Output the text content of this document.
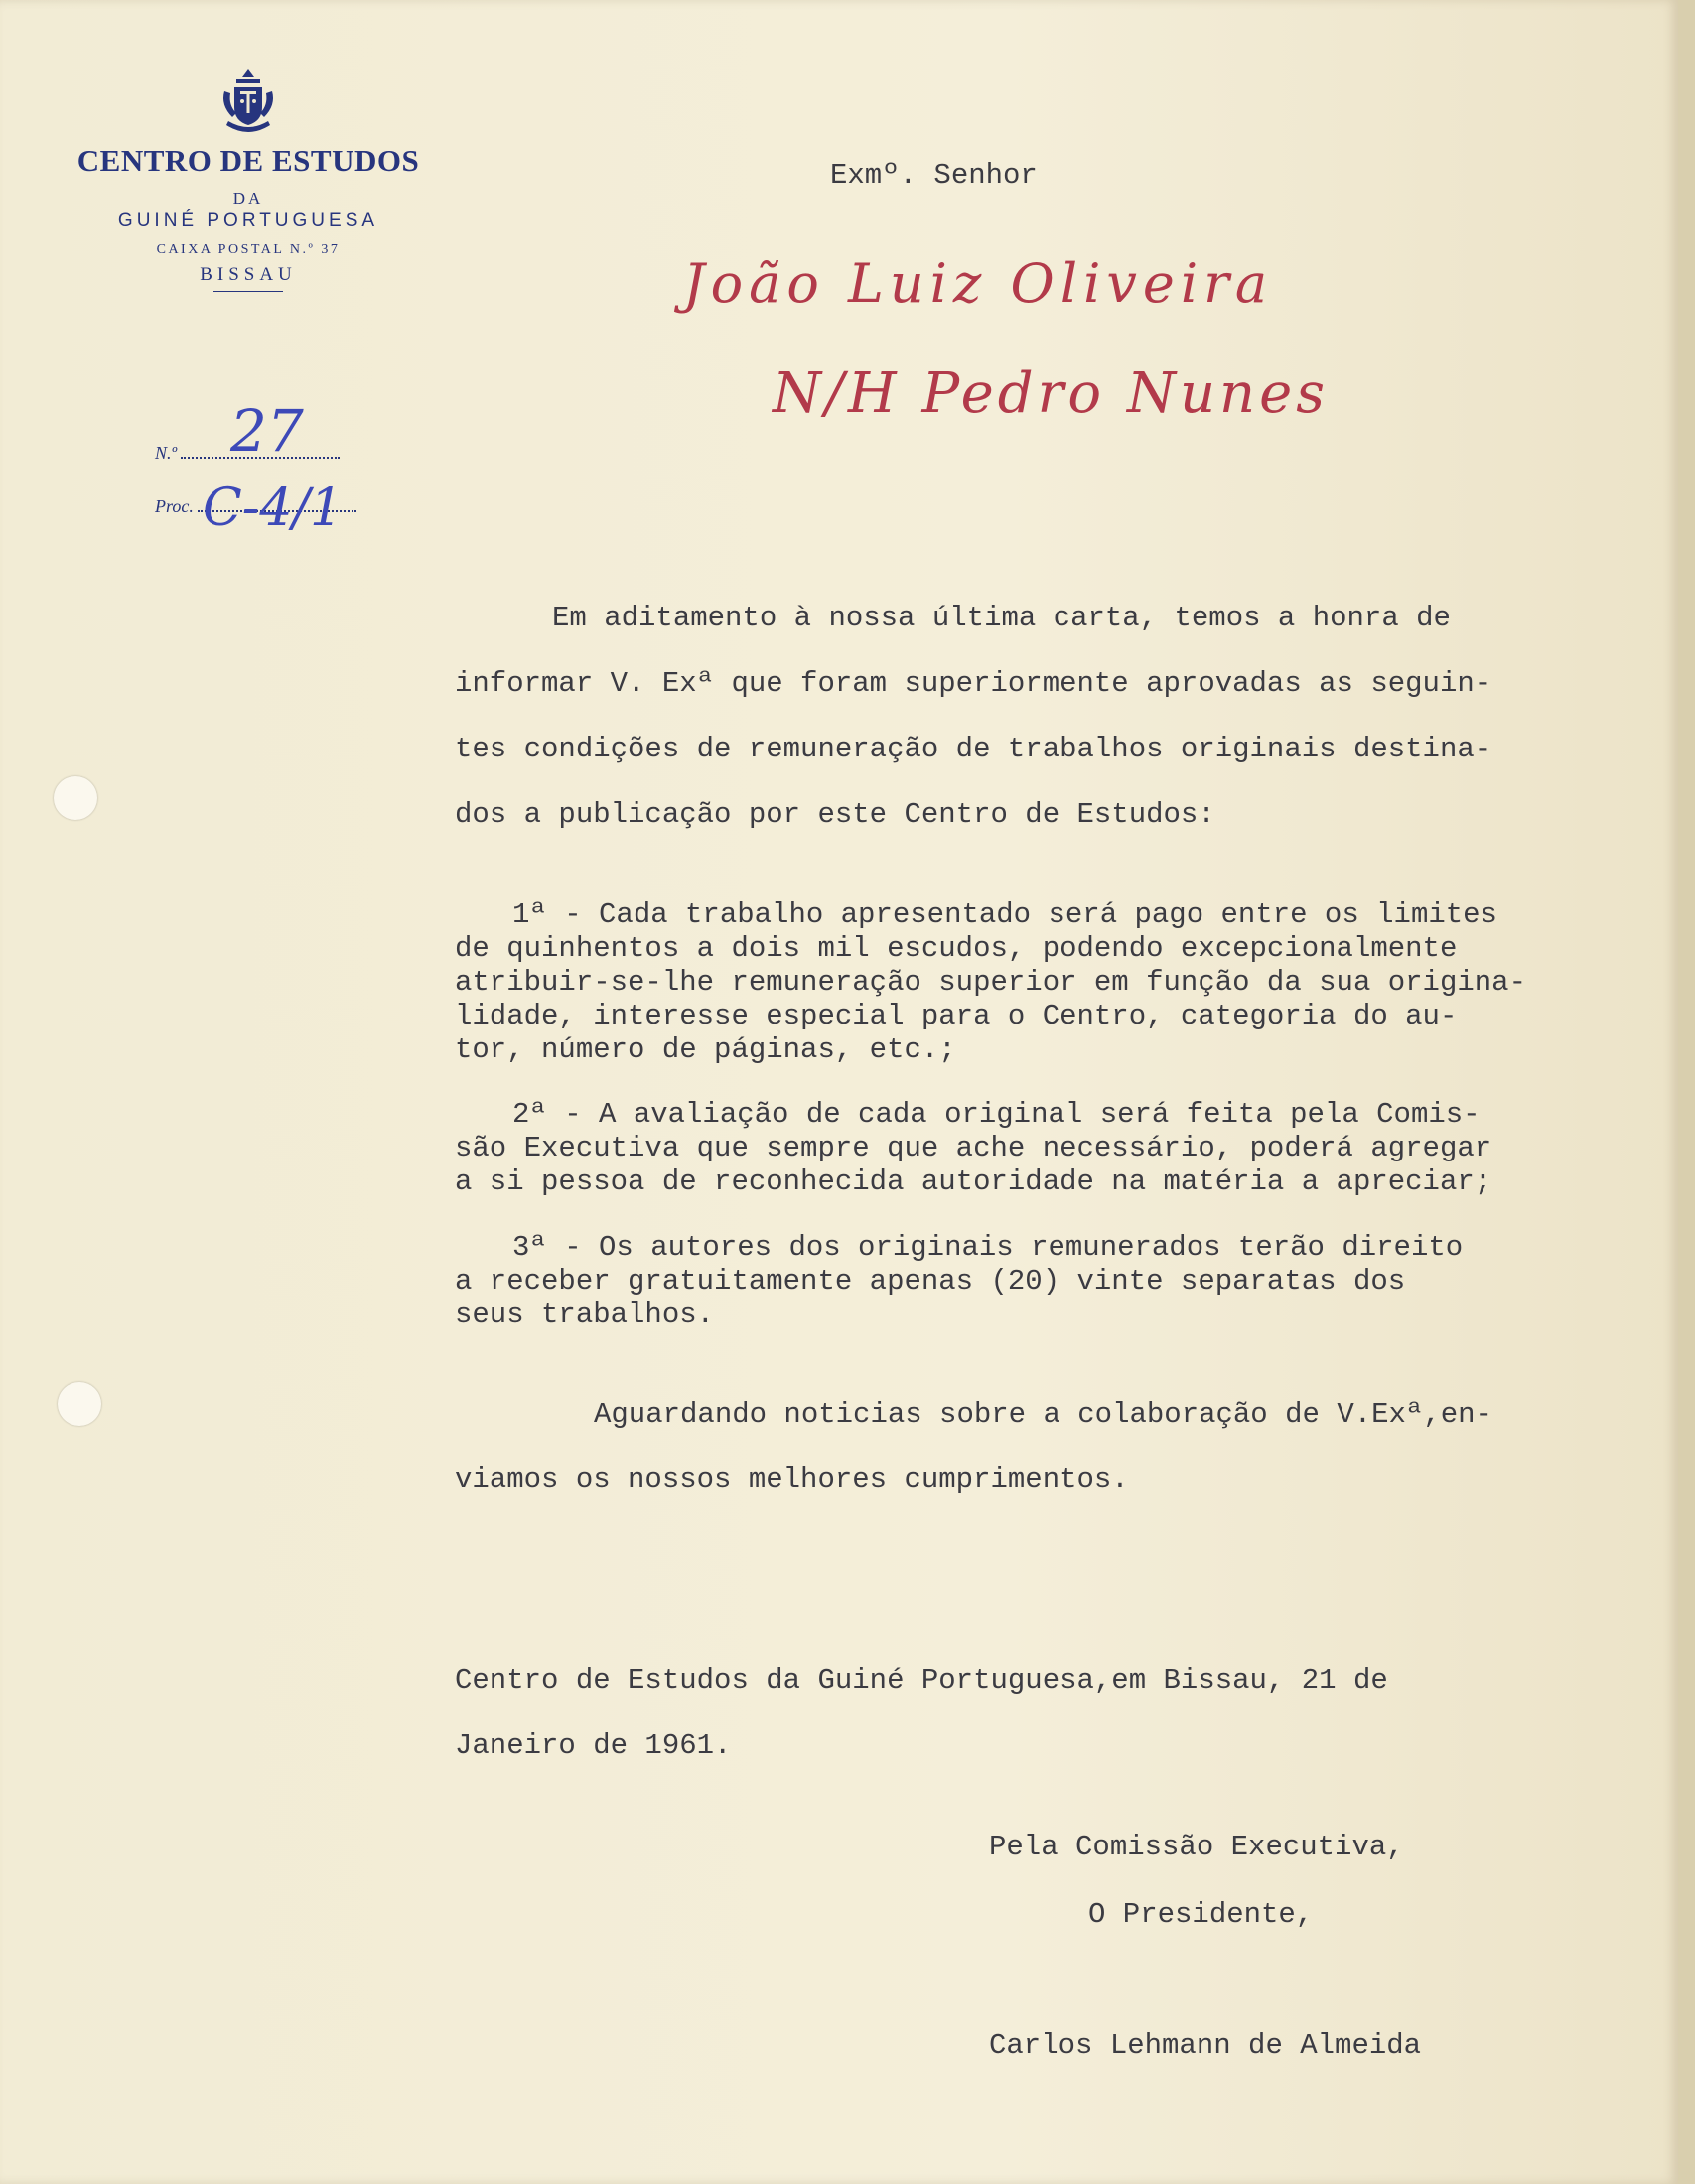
CENTRO DE ESTUDOS
DA
GUINÉ PORTUGUESA
CAIXA POSTAL N.º 37
BISSAU
N.º 27
Proc. C-4/1
Exmº. Senhor
João Luiz Oliveira
N/H Pedro Nunes
Em aditamento à nossa última carta, temos a honra de
informar V. Exª que foram superiormente aprovadas as seguin-
tes condições de remuneração de trabalhos originais destina-
dos a publicação por este Centro de Estudos:
1ª - Cada trabalho apresentado será pago entre os limites
de quinhentos a dois mil escudos, podendo excepcionalmente
atribuir-se-lhe remuneração superior em função da sua origina-
lidade, interesse especial para o Centro, categoria do au-
tor, número de páginas, etc.;
2ª - A avaliação de cada original será feita pela Comis-
são Executiva que sempre que ache necessário, poderá agregar
a si pessoa de reconhecida autoridade na matéria a apreciar;
3ª - Os autores dos originais remunerados terão direito
a receber gratuitamente apenas (20) vinte separatas dos
seus trabalhos.
Aguardando noticias sobre a colaboração de V.Exª,en-
viamos os nossos melhores cumprimentos.
Centro de Estudos da Guiné Portuguesa,em Bissau, 21 de
Janeiro de 1961.
Pela Comissão Executiva,
O Presidente,
Carlos Lehmann de Almeida
